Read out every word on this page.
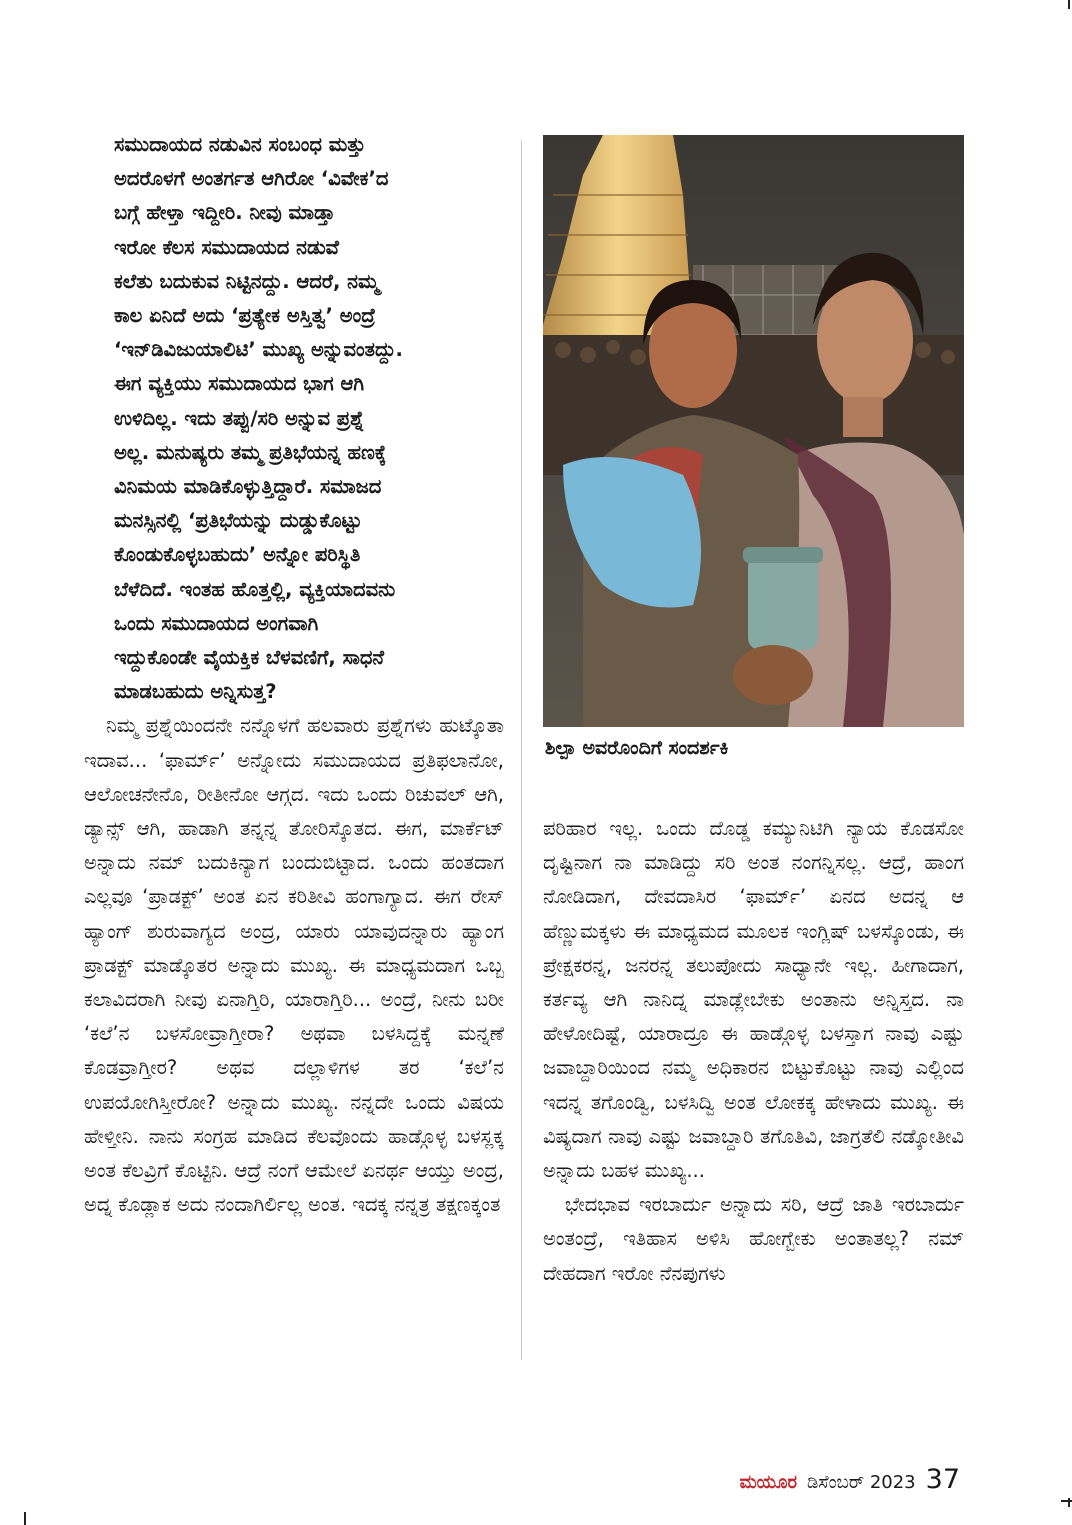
ಸಮುದಾಯದ ನಡುವಿನ ಸಂಬಂಧ ಮತ್ತು
ಅದರೊಳಗೆ ಅಂತರ್ಗತ ಆಗಿರೋ ‘ವಿವೇಕ’ದ
ಬಗ್ಗೆ ಹೇಳ್ತಾ ಇದ್ದೀರಿ. ನೀವು ಮಾಡ್ತಾ
ಇರೋ ಕೆಲಸ ಸಮುದಾಯದ ನಡುವೆ
ಕಲೆತು ಬದುಕುವ ನಿಟ್ಟಿನದ್ದು. ಆದರೆ, ನಮ್ಮ
ಕಾಲ ಏನಿದೆ ಅದು ‘ಪ್ರತ್ಯೇಕ ಅಸ್ತಿತ್ವ’ ಅಂದ್ರೆ
‘ಇನ್‌ಡಿವಿಜುಯಾಲಿಟಿ’ ಮುಖ್ಯ ಅನ್ನುವಂತದ್ದು.
ಈಗ ವ್ಯಕ್ತಿಯು ಸಮುದಾಯದ ಭಾಗ ಆಗಿ
ಉಳಿದಿಲ್ಲ. ಇದು ತಪ್ಪು/ಸರಿ ಅನ್ನುವ ಪ್ರಶ್ನೆ
ಅಲ್ಲ. ಮನುಷ್ಯರು ತಮ್ಮ ಪ್ರತಿಭೆಯನ್ನ ಹಣಕ್ಕೆ
ವಿನಿಮಯ ಮಾಡಿಕೊಳ್ಳುತ್ತಿದ್ದಾರೆ. ಸಮಾಜದ
ಮನಸ್ಸಿನಲ್ಲಿ ‘ಪ್ರತಿಭೆಯನ್ನು ದುಡ್ಡುಕೊಟ್ಟು
ಕೊಂಡುಕೊಳ್ಳಬಹುದು’ ಅನ್ನೋ ಪರಿಸ್ಥಿತಿ
ಬೆಳೆದಿದೆ. ಇಂತಹ ಹೊತ್ತಲ್ಲಿ, ವ್ಯಕ್ತಿಯಾದವನು
ಒಂದು ಸಮುದಾಯದ ಅಂಗವಾಗಿ
ಇದ್ದುಕೊಂಡೇ ವೈಯಕ್ತಿಕ ಬೆಳವಣಿಗೆ, ಸಾಧನೆ
ಮಾಡಬಹುದು ಅನ್ನಿಸುತ್ತ?

ನಿಮ್ಮ ಪ್ರಶ್ನೆಯಿಂದನೇ ನನ್ನೊಳಗೆ ಹಲವಾರು ಪ್ರಶ್ನೆಗಳು ಹುಟ್ಕೊತಾ ಇದಾವ... ‘ಫಾರ್ಮ್’ ಅನ್ನೋದು ಸಮುದಾಯದ ಪ್ರತಿಫಲಾನೋ, ಆಲೋಚನೇನೊ, ರೀತೀನೋ ಆಗ್ಗದ. ಇದು ಒಂದು ರಿಚುವಲ್ ಆಗಿ, ಡ್ಯಾನ್ಸ್ ಆಗಿ, ಹಾಡಾಗಿ ತನ್ನನ್ನ ತೋರಿಸ್ಕೊತದ. ಈಗ, ಮಾರ್ಕೆಟ್ ಅನ್ನಾದು ನಮ್ ಬದುಕಿನ್ಯಾಗ ಬಂದುಬಿಟ್ಟಾದ. ಒಂದು ಹಂತದಾಗ ಎಲ್ಲವೂ ‘ಪ್ರಾಡಕ್ಟ್’ ಅಂತ ಏನ ಕರಿತೀವಿ ಹಂಗಾಗ್ಯಾದ. ಈಗ ರೇಸ್ ಹ್ಯಾಂಗ್ ಶುರುವಾಗ್ಯದ ಅಂದ್ರ, ಯಾರು ಯಾವುದನ್ನಾರು ಹ್ಯಾಂಗ ಪ್ರಾಡಕ್ಟ್ ಮಾಡ್ಕೊತರ ಅನ್ನಾದು ಮುಖ್ಯ. ಈ ಮಾಧ್ಯಮದಾಗ ಒಬ್ಬ ಕಲಾವಿದರಾಗಿ ನೀವು ಏನಾಗ್ತಿರಿ, ಯಾರಾಗ್ತಿರಿ... ಅಂದ್ರೆ, ನೀನು ಬರೀ ‘ಕಲೆ’ನ ಬಳಸೋವ್ರಾಗ್ತೀರಾ? ಅಥವಾ ಬಳಸಿದ್ದಕ್ಕೆ ಮನ್ನಣೆ ಕೊಡವ್ರಾಗ್ತೀರ? ಅಥವ ದಲ್ಲಾಳಿಗಳ ತರ ‘ಕಲೆ’ನ ಉಪಯೋಗಿಸ್ತೀರೋ? ಅನ್ನಾದು ಮುಖ್ಯ. ನನ್ನದೇ ಒಂದು ವಿಷಯ ಹೇಳ್ತೀನಿ. ನಾನು ಸಂಗ್ರಹ ಮಾಡಿದ ಕೆಲವೊಂದು ಹಾಡ್ಗೊಳ್ಳ ಬಳಸ್ಲಕ್ಕ ಅಂತ ಕೆಲವ್ರಿಗೆ ಕೊಟ್ಟಿನಿ. ಆದ್ರೆ ನಂಗೆ ಆಮೇಲೆ ಏನರ್ಥ ಆಯ್ತು ಅಂದ್ರ, ಅದ್ನ ಕೊಡ್ಲಾಕ ಅದು ನಂದಾಗಿರ್ಲಿಲ್ಲ ಅಂತ. ಇದಕ್ಕ ನನ್ನತ್ರ ತಕ್ಷಣಕ್ಕಂತ

ಶಿಲ್ಪಾ ಅವರೊಂದಿಗೆ ಸಂದರ್ಶಕಿ

ಪರಿಹಾರ ಇಲ್ಲ. ಒಂದು ದೊಡ್ಡ ಕಮ್ಯುನಿಟಿಗಿ ನ್ಯಾಯ ಕೊಡಸೋ ದೃಷ್ಟಿನಾಗ ನಾ ಮಾಡಿದ್ದು ಸರಿ ಅಂತ ನಂಗನ್ನಿಸಲ್ಲ. ಆದ್ರೆ, ಹಾಂಗ ನೋಡಿದಾಗ, ದೇವದಾಸಿರ ‘ಫಾರ್ಮ್’ ಏನದ ಅದನ್ನ ಆ ಹೆಣ್ಣುಮಕ್ಕಳು ಈ ಮಾಧ್ಯಮದ ಮೂಲಕ ಇಂಗ್ಲಿಷ್ ಬಳಸ್ಕೊಂಡು, ಈ ಪ್ರೇಕ್ಷಕರನ್ನ, ಜನರನ್ನ ತಲುಪೋದು ಸಾಧ್ಯಾನೇ ಇಲ್ಲ. ಹೀಗಾದಾಗ, ಕರ್ತವ್ಯ ಆಗಿ ನಾನಿದ್ನ ಮಾಡ್ಲೇಬೇಕು ಅಂತಾನು ಅನ್ನಿಸ್ತದ. ನಾ ಹೇಳೋದಿಷ್ಟೆ, ಯಾರಾದ್ರೂ ಈ ಹಾಡ್ಗೊಳ್ಳ ಬಳಸ್ತಾಗ ನಾವು ಎಷ್ಟು ಜವಾಬ್ದಾರಿಯಿಂದ ನಮ್ಮ ಅಧಿಕಾರನ ಬಿಟ್ಟುಕೊಟ್ಟು ನಾವು ಎಲ್ಲಿಂದ ಇದನ್ನ ತಗೊಂಡ್ವಿ, ಬಳಸಿದ್ವಿ ಅಂತ ಲೋಕಕ್ಕ ಹೇಳಾದು ಮುಖ್ಯ. ಈ ವಿಷ್ಯದಾಗ ನಾವು ಎಷ್ಟು ಜವಾಬ್ದಾರಿ ತಗೊತಿವಿ, ಜಾಗ್ರತೆಲಿ ನಡ್ಕೋತೀವಿ ಅನ್ನಾದು ಬಹಳ ಮುಖ್ಯ...

ಭೇದಭಾವ ಇರಬಾರ್ದು ಅನ್ನಾದು ಸರಿ, ಆದ್ರೆ ಜಾತಿ ಇರಬಾರ್ದು ಅಂತಂದ್ರೆ, ಇತಿಹಾಸ ಅಳಿಸಿ ಹೋಗ್ಬೇಕು ಅಂತಾತಲ್ಲ? ನಮ್ ದೇಹದಾಗ ಇರೋ ನೆನಪುಗಳು

ಮಯೂರ ಡಿಸೆಂಬರ್ 2023 37
